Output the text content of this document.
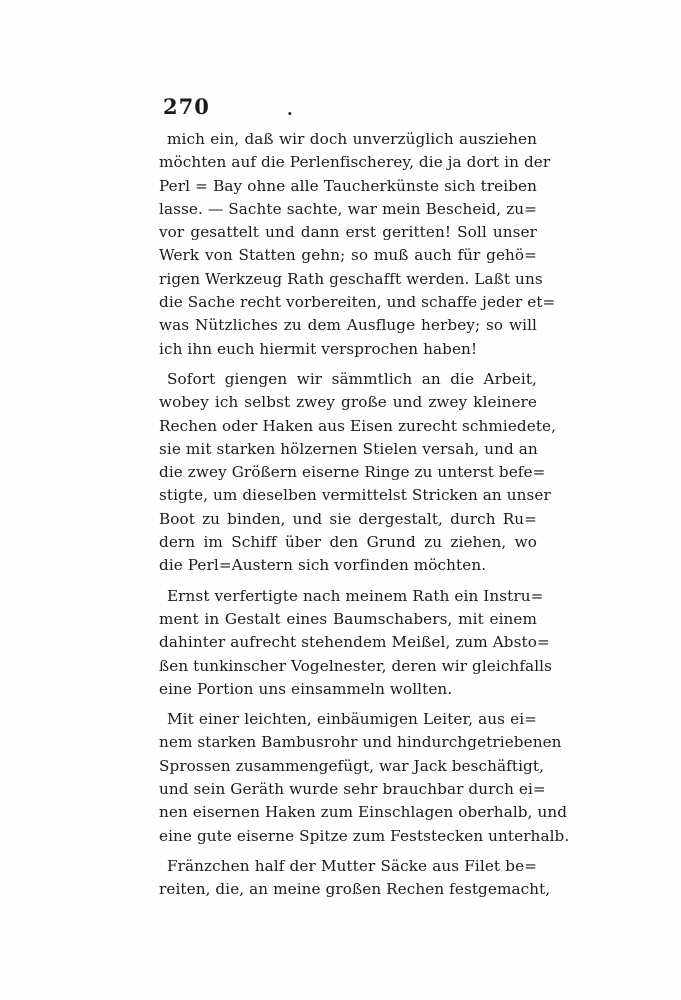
270	.
mich ein, daß wir doch unverzüglich ausziehen
möchten auf die Perlenfischerey, die ja dort in der
Perl = Bay ohne alle Taucherkünste sich treiben
lasse. — Sachte sachte, war mein Bescheid, zu=
vor gesattelt und dann erst geritten! Soll unser
Werk von Statten gehn; so muß auch für gehö=
rigen Werkzeug Rath geschafft werden. Laßt uns
die Sache recht vorbereiten, und schaffe jeder et=
was Nützliches zu dem Ausfluge herbey; so will
ich ihn euch hiermit versprochen haben!
Sofort giengen wir sämmtlich an die Arbeit,
wobey ich selbst zwey große und zwey kleinere
Rechen oder Haken aus Eisen zurecht schmiedete,
sie mit starken hölzernen Stielen versah, und an
die zwey Größern eiserne Ringe zu unterst befe=
stigte, um dieselben vermittelst Stricken an unser
Boot zu binden, und sie dergestalt, durch Ru=
dern im Schiff über den Grund zu ziehen, wo
die Perl=Austern sich vorfinden möchten.
Ernst verfertigte nach meinem Rath ein Instru=
ment in Gestalt eines Baumschabers, mit einem
dahinter aufrecht stehendem Meißel, zum Absto=
ßen tunkinscher Vogelnester, deren wir gleichfalls
eine Portion uns einsammeln wollten.
Mit einer leichten, einbäumigen Leiter, aus ei=
nem starken Bambusrohr und hindurchgetriebenen
Sprossen zusammengefügt, war Jack beschäftigt,
und sein Geräth wurde sehr brauchbar durch ei=
nen eisernen Haken zum Einschlagen oberhalb, und
eine gute eiserne Spitze zum Feststecken unterhalb.
Fränzchen half der Mutter Säcke aus Filet be=
reiten, die, an meine großen Rechen festgemacht,
